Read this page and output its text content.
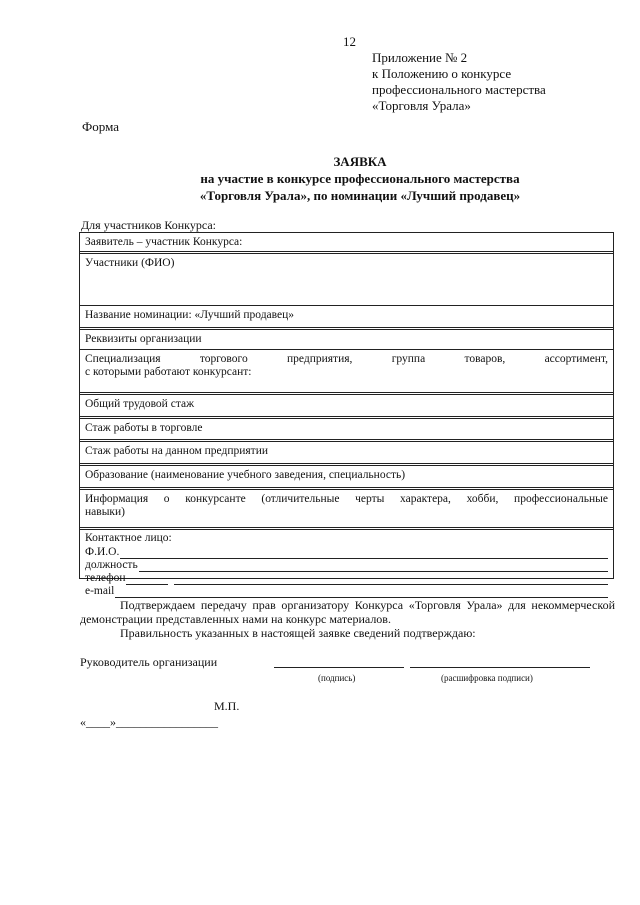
12
Приложение № 2
к Положению о конкурсе
профессионального мастерства
«Торговля Урала»
Форма
ЗАЯВКА
на участие в конкурсе профессионального мастерства
«Торговля Урала», по номинации «Лучший продавец»
Для участников Конкурса:
Заявитель – участник Конкурса:
Участники (ФИО)
Название номинации: «Лучший продавец»
Реквизиты организации
Специализация торгового предприятия, группа товаров, ассортимент,
с которыми работают конкурсант:
Общий трудовой стаж
Стаж работы в торговле
Стаж работы на данном предприятии
Образование (наименование учебного заведения, специальность)
Информация о конкурсанте (отличительные черты характера, хобби, профессиональные
навыки)
Контактное лицо:
Ф.И.О.
должность
телефон
e-mail
Подтверждаем передачу прав организатору Конкурса «Торговля Урала» для некоммерческой демонстрации представленных нами на конкурс материалов.
Правильность указанных в настоящей заявке сведений подтверждаю:
Руководитель организации
(подпись)	(расшифровка подписи)
М.П.
«____»_________________
